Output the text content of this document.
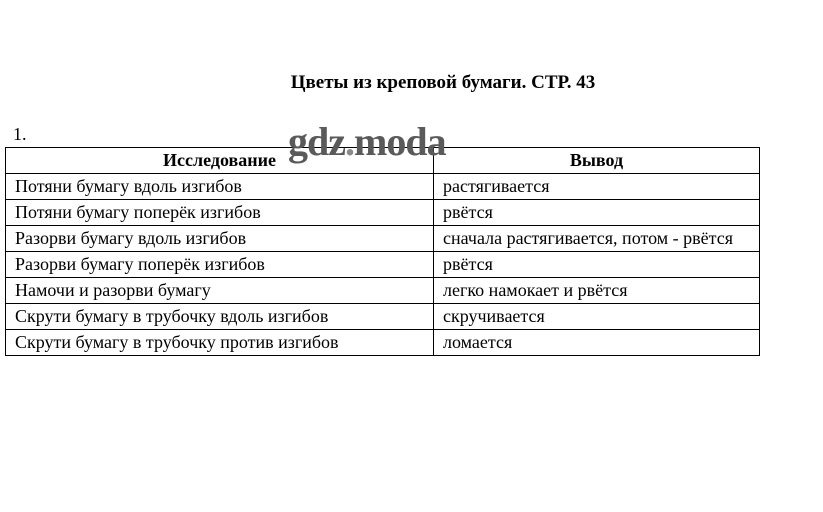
Цветы из креповой бумаги. СТР. 43
1.
Исследование	Вывод
Потяни бумагу вдоль изгибов	растягивается
Потяни бумагу поперёк изгибов	рвётся
Разорви бумагу вдоль изгибов	сначала растягивается, потом - рвётся
Разорви бумагу поперёк изгибов	рвётся
Намочи и разорви бумагу	легко намокает и рвётся
Скрути бумагу в трубочку вдоль изгибов	скручивается
Скрути бумагу в трубочку против изгибов	ломается
gdz.moda
